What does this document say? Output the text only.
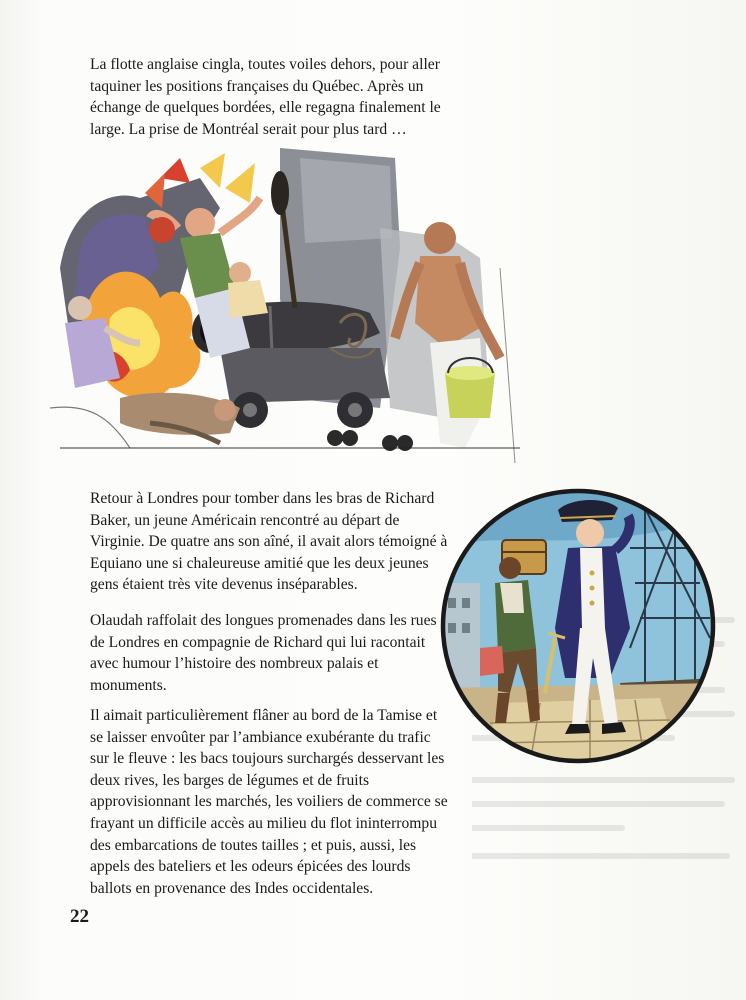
La flotte anglaise cingla, toutes voiles dehors, pour aller taquiner les positions françaises du Québec. Après un échange de quelques bordées, elle regagna finalement le large. La prise de Montréal serait pour plus tard …

Retour à Londres pour tomber dans les bras de Richard Baker, un jeune Américain rencontré au départ de Virginie. De quatre ans son aîné, il avait alors témoigné à Equiano une si chaleureuse amitié que les deux jeunes gens étaient très vite devenus inséparables.

Olaudah raffolait des longues promenades dans les rues de Londres en compagnie de Richard qui lui racontait avec humour l’histoire des nombreux palais et monuments.

Il aimait particulièrement flâner au bord de la Tamise et se laisser envoûter par l’ambiance exubérante du trafic sur le fleuve : les bacs toujours surchargés desservant les deux rives, les barges de légumes et de fruits approvisionnant les marchés, les voiliers de commerce se frayant un difficile accès au milieu du flot ininterrompu des embarcations de toutes tailles ; et puis, aussi, les appels des bateliers et les odeurs épicées des lourds ballots en provenance des Indes occidentales.

22
